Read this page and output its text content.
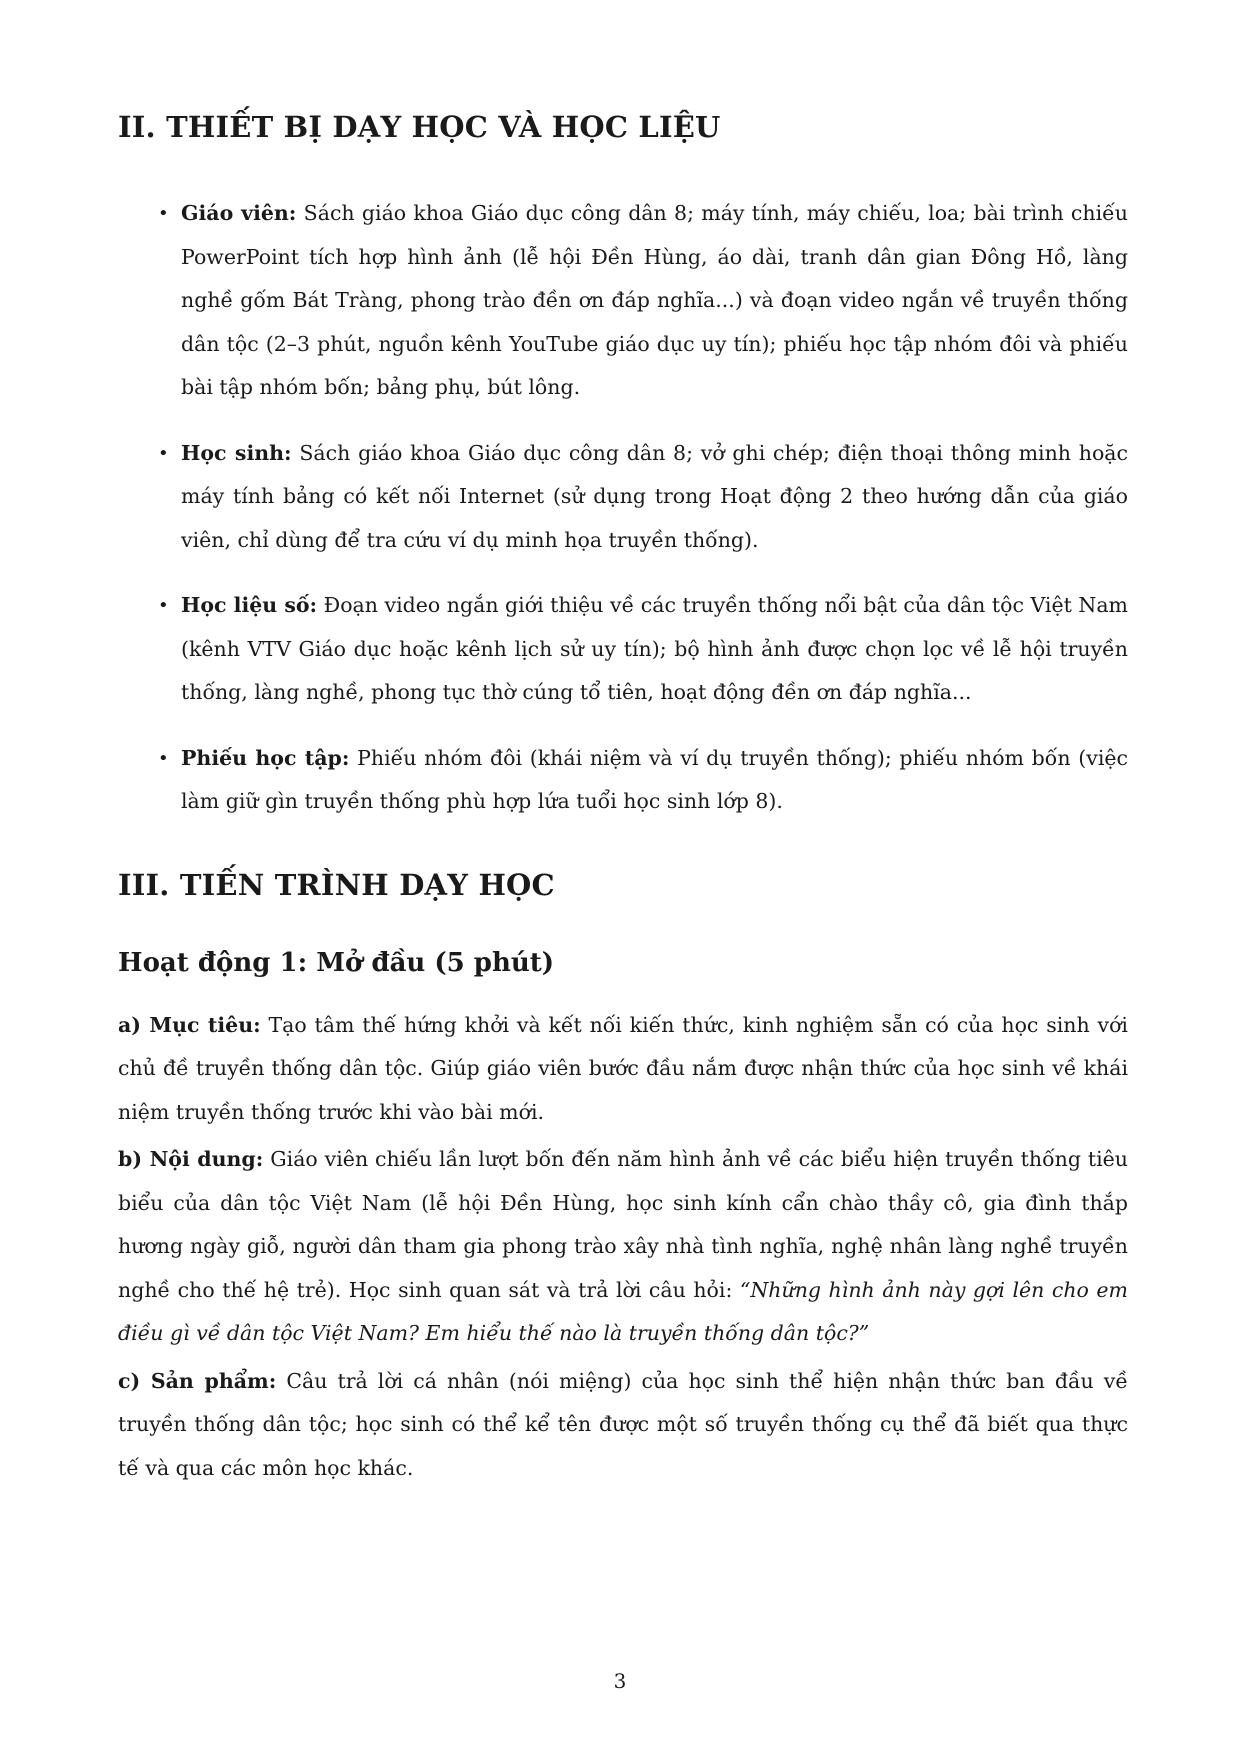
II. THIẾT BỊ DẠY HỌC VÀ HỌC LIỆU
• Giáo viên: Sách giáo khoa Giáo dục công dân 8; máy tính, máy chiếu, loa; bài trình chiếu PowerPoint tích hợp hình ảnh (lễ hội Đền Hùng, áo dài, tranh dân gian Đông Hồ, làng nghề gốm Bát Tràng, phong trào đền ơn đáp nghĩa...) và đoạn video ngắn về truyền thống dân tộc (2–3 phút, nguồn kênh YouTube giáo dục uy tín); phiếu học tập nhóm đôi và phiếu bài tập nhóm bốn; bảng phụ, bút lông.
• Học sinh: Sách giáo khoa Giáo dục công dân 8; vở ghi chép; điện thoại thông minh hoặc máy tính bảng có kết nối Internet (sử dụng trong Hoạt động 2 theo hướng dẫn của giáo viên, chỉ dùng để tra cứu ví dụ minh họa truyền thống).
• Học liệu số: Đoạn video ngắn giới thiệu về các truyền thống nổi bật của dân tộc Việt Nam (kênh VTV Giáo dục hoặc kênh lịch sử uy tín); bộ hình ảnh được chọn lọc về lễ hội truyền thống, làng nghề, phong tục thờ cúng tổ tiên, hoạt động đền ơn đáp nghĩa...
• Phiếu học tập: Phiếu nhóm đôi (khái niệm và ví dụ truyền thống); phiếu nhóm bốn (việc làm giữ gìn truyền thống phù hợp lứa tuổi học sinh lớp 8).
III. TIẾN TRÌNH DẠY HỌC
Hoạt động 1: Mở đầu (5 phút)

a) Mục tiêu: Tạo tâm thế hứng khởi và kết nối kiến thức, kinh nghiệm sẵn có của học sinh với chủ đề truyền thống dân tộc. Giúp giáo viên bước đầu nắm được nhận thức của học sinh về khái niệm truyền thống trước khi vào bài mới.

b) Nội dung: Giáo viên chiếu lần lượt bốn đến năm hình ảnh về các biểu hiện truyền thống tiêu biểu của dân tộc Việt Nam (lễ hội Đền Hùng, học sinh kính cẩn chào thầy cô, gia đình thắp hương ngày giỗ, người dân tham gia phong trào xây nhà tình nghĩa, nghệ nhân làng nghề truyền nghề cho thế hệ trẻ). Học sinh quan sát và trả lời câu hỏi: “Những hình ảnh này gợi lên cho em điều gì về dân tộc Việt Nam? Em hiểu thế nào là truyền thống dân tộc?”

c) Sản phẩm: Câu trả lời cá nhân (nói miệng) của học sinh thể hiện nhận thức ban đầu về truyền thống dân tộc; học sinh có thể kể tên được một số truyền thống cụ thể đã biết qua thực tế và qua các môn học khác.

3
